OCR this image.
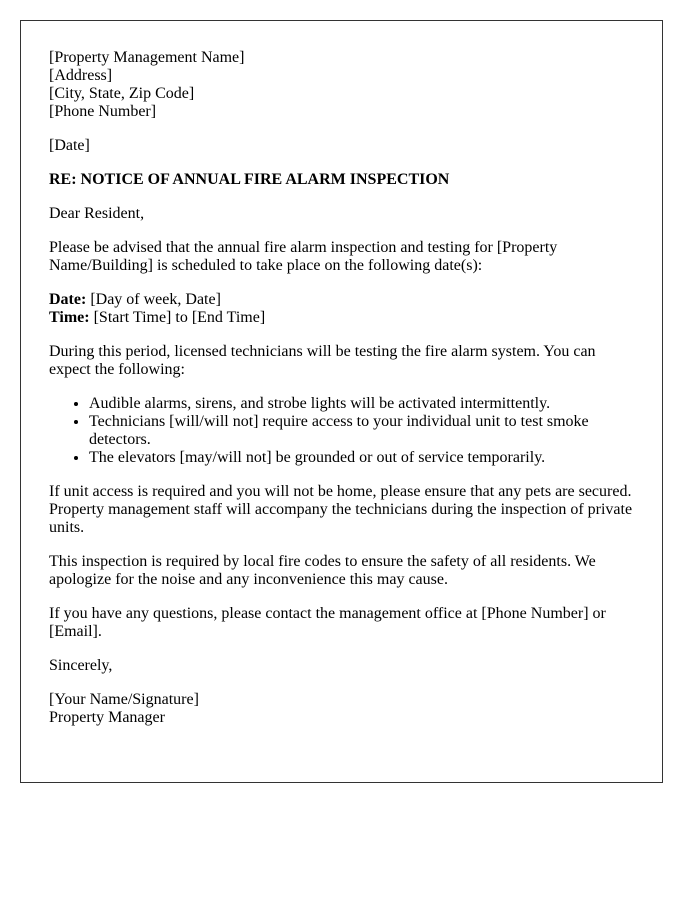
[Property Management Name]
[Address]
[City, State, Zip Code]
[Phone Number]

[Date]

RE: NOTICE OF ANNUAL FIRE ALARM INSPECTION

Dear Resident,

Please be advised that the annual fire alarm inspection and testing for [Property Name/Building] is scheduled to take place on the following date(s):

Date: [Day of week, Date]
Time: [Start Time] to [End Time]

During this period, licensed technicians will be testing the fire alarm system. You can expect the following:

• Audible alarms, sirens, and strobe lights will be activated intermittently.
• Technicians [will/will not] require access to your individual unit to test smoke detectors.
• The elevators [may/will not] be grounded or out of service temporarily.

If unit access is required and you will not be home, please ensure that any pets are secured. Property management staff will accompany the technicians during the inspection of private units.

This inspection is required by local fire codes to ensure the safety of all residents. We apologize for the noise and any inconvenience this may cause.

If you have any questions, please contact the management office at [Phone Number] or [Email].

Sincerely,

[Your Name/Signature]
Property Manager
